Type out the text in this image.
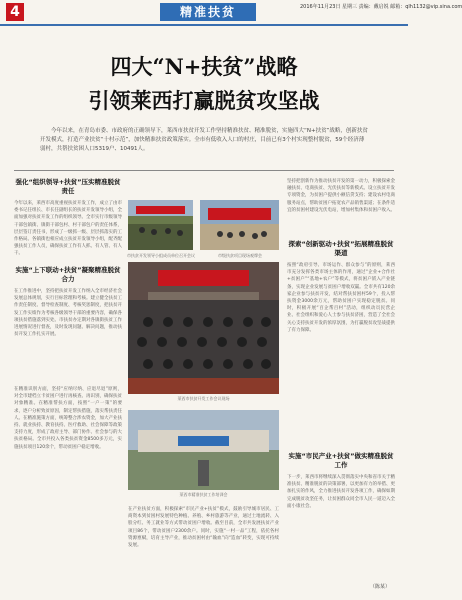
4	精准扶贫	2016年11月23日 星期三 责编：戴启锐 邮箱：qlh1132@vip.sina.com
四大“N+扶贫”战略
引领莱西打赢脱贫攻坚战
今年以来，在青岛市委、市政府的正确领导下，莱西市扶贫开发工作坚持精准扶贫、精准脱贫，实施四大“N+扶贫”战略，创新扶贫开发模式，打造产业扶贫“十村示范”，加快精准扶贫政策落实。全市有低收入人口的村庄，目前已有3个村实现整村脱贫，59个经济薄弱村，共帮扶贫困人口5319户、10491人。
强化“组织领导+扶贫”压实精准脱贫责任
今年以来，莱西市高度重视扶贫开发工作，成立了由市委书记任组长、市长任副组长的扶贫开发领导小组，全面加强对扶贫开发工作的组织领导。全市实行市级领导干部包镇街、镇街干部包村、村干部包户的责任体系，层层签订责任书，形成了一级抓一级、层层抓落实的工作格局。各镇街也相应成立扶贫开发领导小组，配齐配强扶贫工作人员，确保扶贫工作有人抓、有人管、有人干。	市扶贫开发领导小组成员单位召开会议	市级扶贫项目现场观摩会
实施“上下联动+扶贫”凝聚精准脱贫合力
在工作推进中，坚持把扶贫开发工作纳入全市经济社会发展总体规划，实行目标管理和考核。建立健全扶贫工作责任制度、督导检查制度、考核奖惩制度，把扶贫开发工作实绩作为考核各级领导干部的重要内容，确保各项扶贫措施落到实处。市扶贫办定期对各镇街扶贫工作进展情况进行督查，及时发现问题、解决问题，推动扶贫开发工作扎实开展。
莱西市扶贫开发工作会议现场
在精准识别方面，坚持“应纳尽纳、应退尽退”原则，对全市建档立卡贫困户进行再核查、再识别，确保扶贫对象精准。在精准帮扶方面，按照“一户一策”的要求，逐户分析致贫原因，制定帮扶措施，落实帮扶责任人。在精准施策方面，统筹整合涉农资金，加大产业扶持、就业扶持、教育扶持、医疗救助、社会保障等政策支持力度，形成了政府主导、部门协作、社会参与的大扶贫格局。全市共投入各类扶贫资金8500多万元，实施扶贫项目120余个，带动贫困户稳定增收。
莱西市精准扶贫工作培训会
在产业扶贫方面，积极探索“市民产业+扶贫”模式，鼓励引导城市居民、工商资本到贫困村发展特色种植、养殖、乡村旅游等产业，通过土地流转、入股分红、务工就业等方式带动贫困户增收。截至目前，全市共发展扶贫产业项目86个，带动贫困户2300余户。同时，实施“一村一品”工程，依托各村资源禀赋，培育主导产业，推动贫困村由“输血”向“造血”转变，实现可持续发展。
坚持把创新作为推动扶贫开发的第一动力，积极探索金融扶贫、电商扶贫、光伏扶贫等新模式。设立扶贫开发专项资金，为贫困户提供小额信贷支持；建设农村电商服务站点，帮助贫困户拓宽农产品销售渠道；在条件适宜的贫困村建设光伏电站，增加村集体和贫困户收入。
探索“创新驱动+扶贫”拓展精准脱贫渠道
按照“政府引导、市场运作、群众参与”的原则，莱西市充分发挥各类市场主体的作用，通过“企业+合作社+贫困户”“基地+农户”等模式，将贫困户嵌入产业链条，实现企业发展与贫困户增收双赢。全市共有120余家企业参与扶贫开发，结对帮扶贫困村59个，投入帮扶资金3000余万元，帮助贫困户实现稳定脱贫。同时，积极开展“百企帮百村”活动，组织动员民营企业、社会组织和爱心人士参与扶贫济困，营造了全社会关心支持扶贫开发的浓厚氛围，为打赢脱贫攻坚战提供了有力保障。
实施“市民产业+扶贫”做实精准脱贫工作
下一步，莱西市将继续深入贯彻落实中央和省市关于精准扶贫、精准脱贫的决策部署，以更加有力的举措、更加扎实的作风，全力推进扶贫开发各项工作，确保如期完成脱贫攻坚任务，让贫困群众同全市人民一道迈入全面小康社会。
（陈某）
